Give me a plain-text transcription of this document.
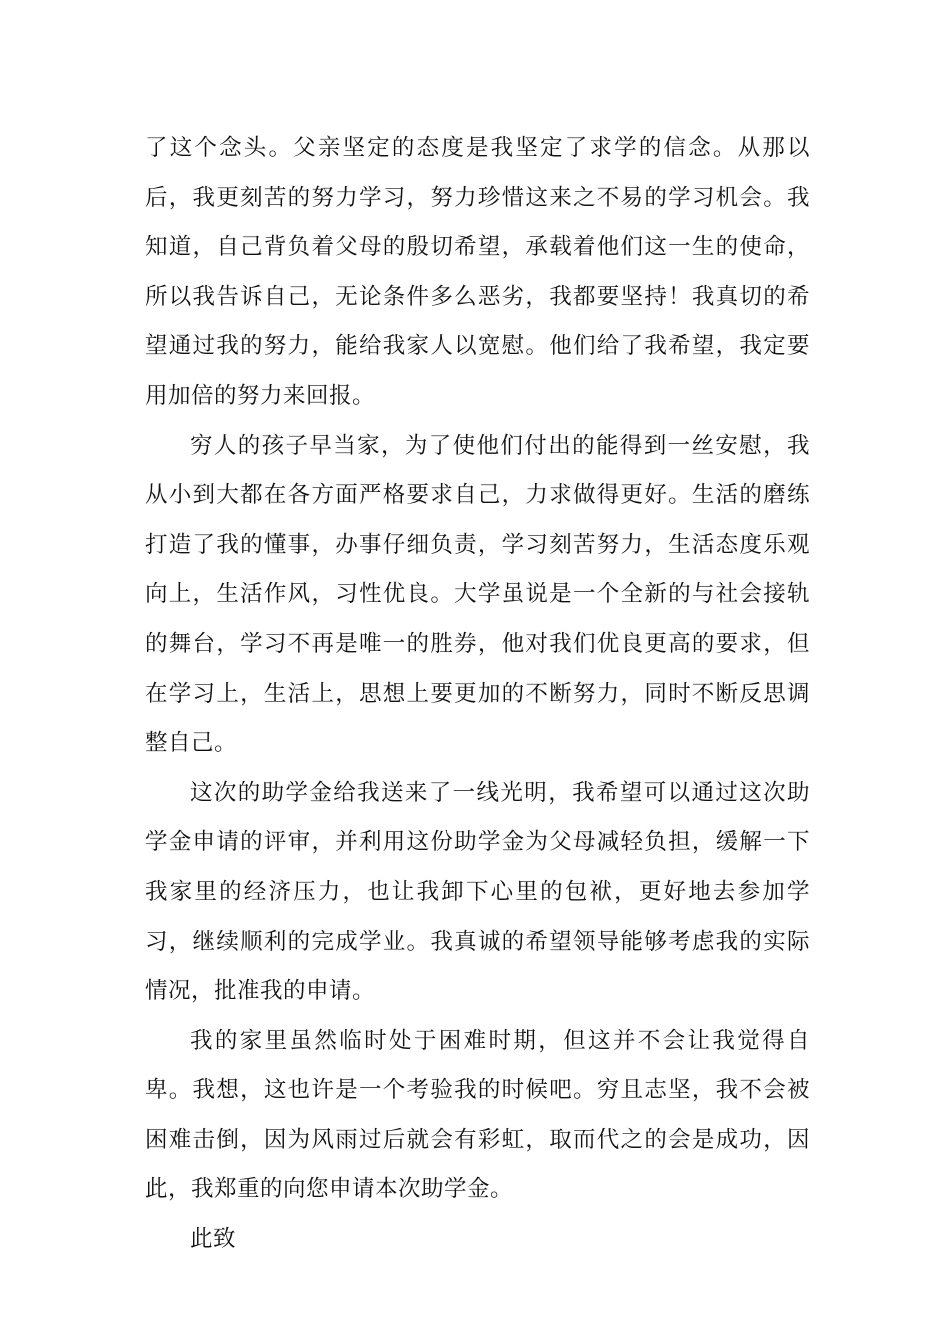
了这个念头。父亲坚定的态度是我坚定了求学的信念。从那以后，我更刻苦的努力学习，努力珍惜这来之不易的学习机会。我知道，自己背负着父母的殷切希望，承载着他们这一生的使命，所以我告诉自己，无论条件多么恶劣，我都要坚持！我真切的希望通过我的努力，能给我家人以宽慰。他们给了我希望，我定要用加倍的努力来回报。

穷人的孩子早当家，为了使他们付出的能得到一丝安慰，我从小到大都在各方面严格要求自己，力求做得更好。生活的磨练打造了我的懂事，办事仔细负责，学习刻苦努力，生活态度乐观向上，生活作风，习性优良。大学虽说是一个全新的与社会接轨的舞台，学习不再是唯一的胜券，他对我们优良更高的要求，但在学习上，生活上，思想上要更加的不断努力，同时不断反思调整自己。

这次的助学金给我送来了一线光明，我希望可以通过这次助学金申请的评审，并利用这份助学金为父母减轻负担，缓解一下我家里的经济压力，也让我卸下心里的包袱，更好地去参加学习，继续顺利的完成学业。我真诚的希望领导能够考虑我的实际情况，批准我的申请。

我的家里虽然临时处于困难时期，但这并不会让我觉得自卑。我想，这也许是一个考验我的时候吧。穷且志坚，我不会被困难击倒，因为风雨过后就会有彩虹，取而代之的会是成功，因此，我郑重的向您申请本次助学金。

此致
